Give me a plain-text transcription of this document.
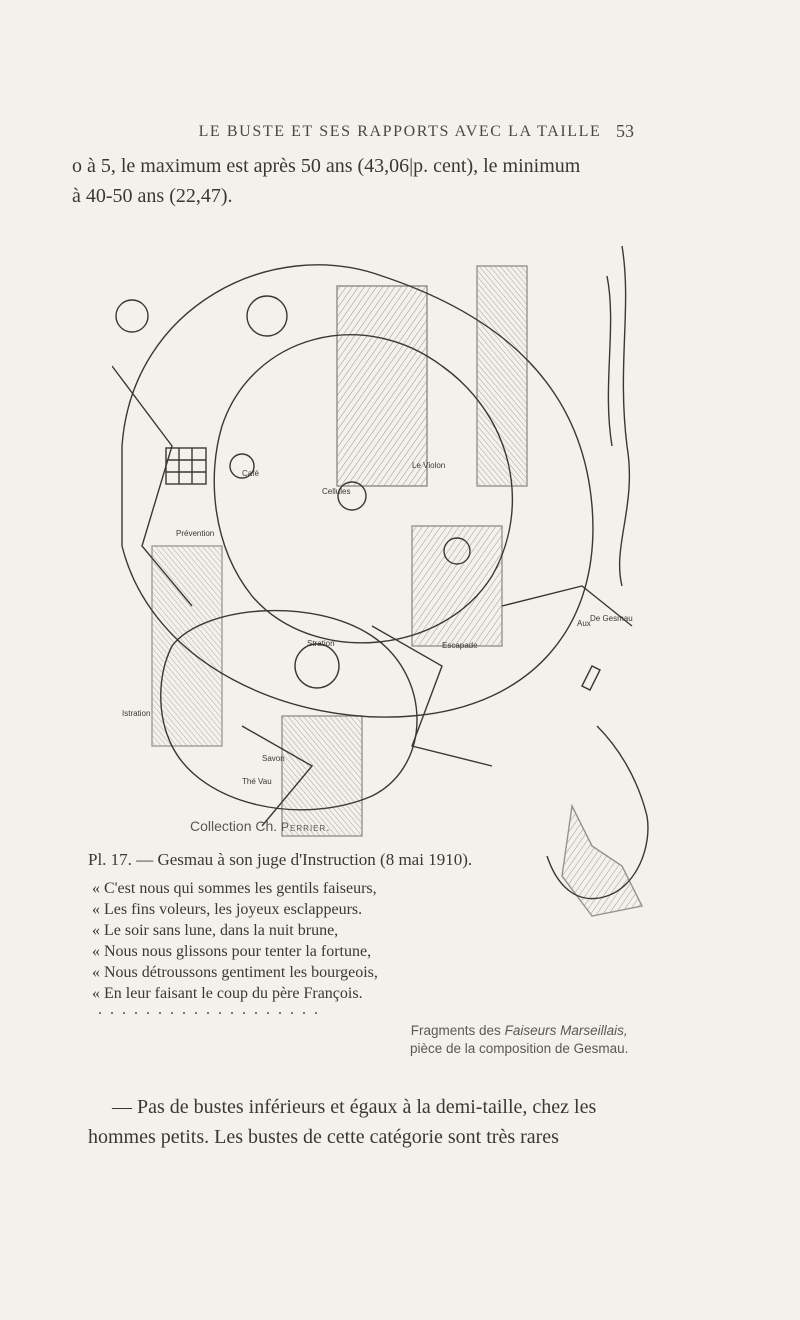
LE BUSTE ET SES RAPPORTS AVEC LA TAILLE 53
o à 5, le maximum est après 50 ans (43,06|p. cent), le minimum
à 40-50 ans (22,47).
Café
Le Violon
Prévention
De Gesmau
Cellules
Escapade
Istration
Stration
Savon
Thé Vau
Aux
Collection Ch. Perrier.
Pl. 17. — Gesmau à son juge d'Instruction (8 mai 1910).
« C'est nous qui sommes les gentils faiseurs,
« Les fins voleurs, les joyeux esclappeurs.
« Le soir sans lune, dans la nuit brune,
« Nous nous glissons pour tenter la fortune,
« Nous détroussons gentiment les bourgeois,
« En leur faisant le coup du père François.
...................
Fragments des Faiseurs Marseillais,
pièce de la composition de Gesmau.

— Pas de bustes inférieurs et égaux à la demi-taille, chez les hommes petits. Les bustes de cette catégorie sont très rares
